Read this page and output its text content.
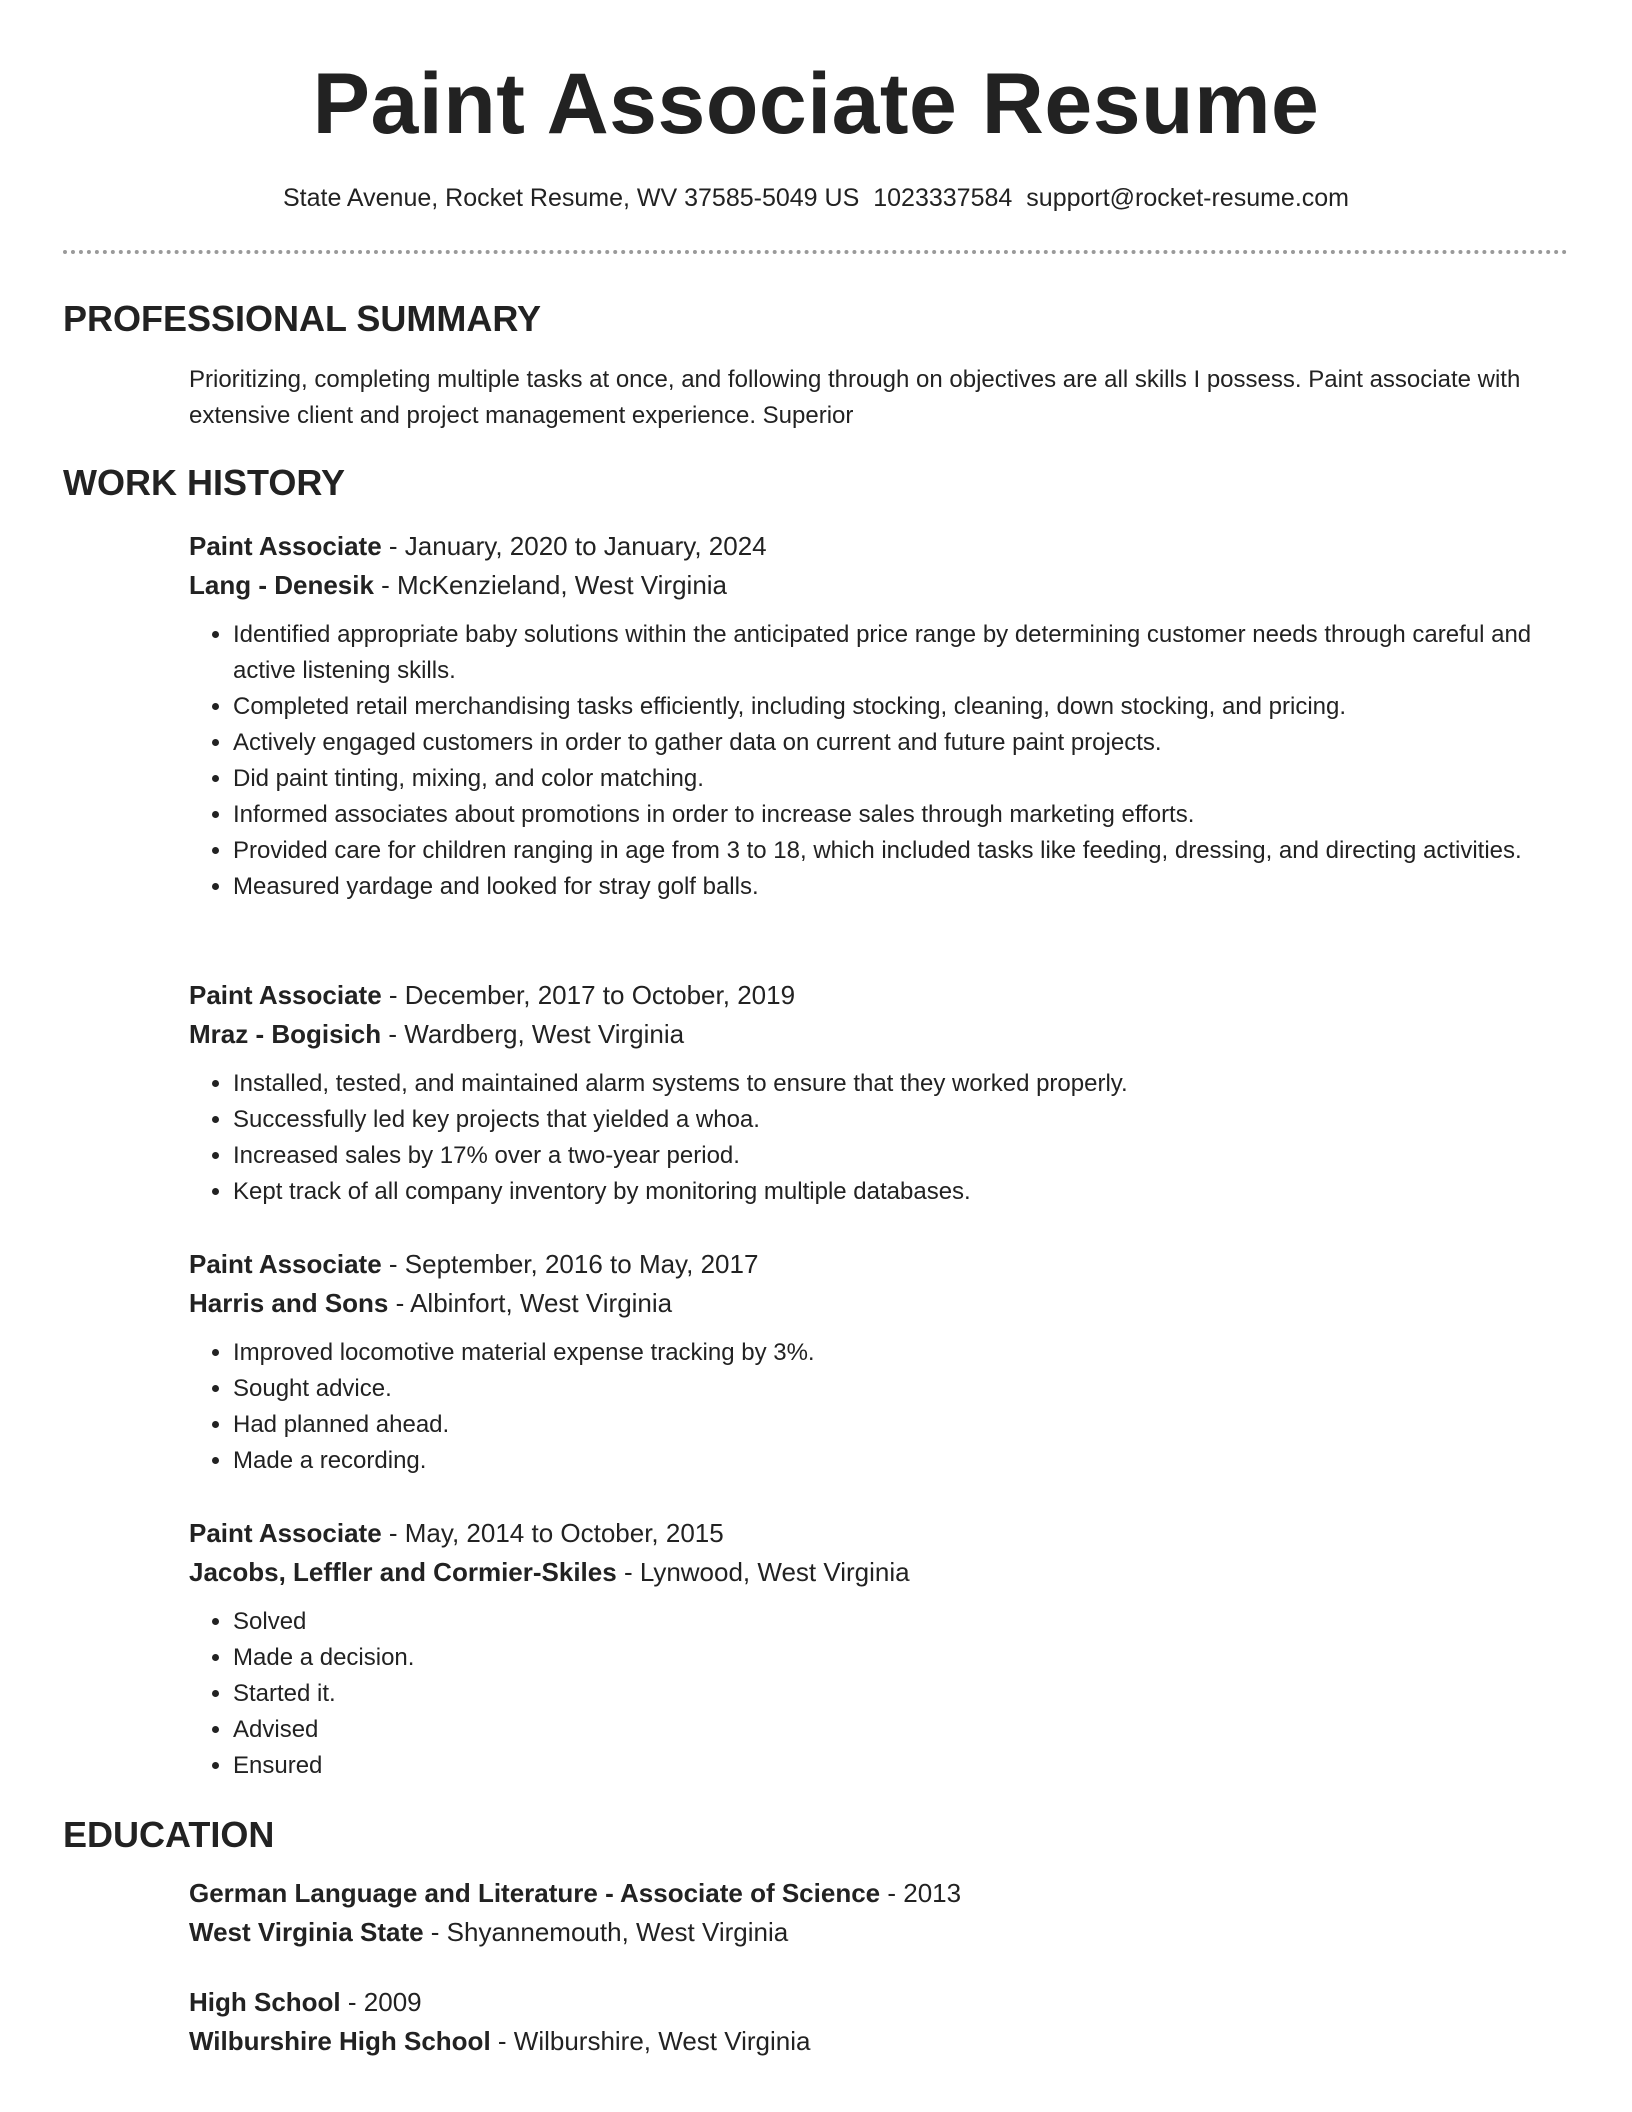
Paint Associate Resume
State Avenue, Rocket Resume, WV 37585-5049 US 1023337584 support@rocket-resume.com
PROFESSIONAL SUMMARY
Prioritizing, completing multiple tasks at once, and following through on objectives are all skills I possess. Paint associate with extensive client and project management experience. Superior
WORK HISTORY
Paint Associate - January, 2020 to January, 2024
Lang - Denesik - McKenzieland, West Virginia
• Identified appropriate baby solutions within the anticipated price range by determining customer needs through careful and active listening skills.
• Completed retail merchandising tasks efficiently, including stocking, cleaning, down stocking, and pricing.
• Actively engaged customers in order to gather data on current and future paint projects.
• Did paint tinting, mixing, and color matching.
• Informed associates about promotions in order to increase sales through marketing efforts.
• Provided care for children ranging in age from 3 to 18, which included tasks like feeding, dressing, and directing activities.
• Measured yardage and looked for stray golf balls.
Paint Associate - December, 2017 to October, 2019
Mraz - Bogisich - Wardberg, West Virginia
• Installed, tested, and maintained alarm systems to ensure that they worked properly.
• Successfully led key projects that yielded a whoa.
• Increased sales by 17% over a two-year period.
• Kept track of all company inventory by monitoring multiple databases.
Paint Associate - September, 2016 to May, 2017
Harris and Sons - Albinfort, West Virginia
• Improved locomotive material expense tracking by 3%.
• Sought advice.
• Had planned ahead.
• Made a recording.
Paint Associate - May, 2014 to October, 2015
Jacobs, Leffler and Cormier-Skiles - Lynwood, West Virginia
• Solved
• Made a decision.
• Started it.
• Advised
• Ensured
EDUCATION
German Language and Literature - Associate of Science - 2013
West Virginia State - Shyannemouth, West Virginia
High School - 2009
Wilburshire High School - Wilburshire, West Virginia
